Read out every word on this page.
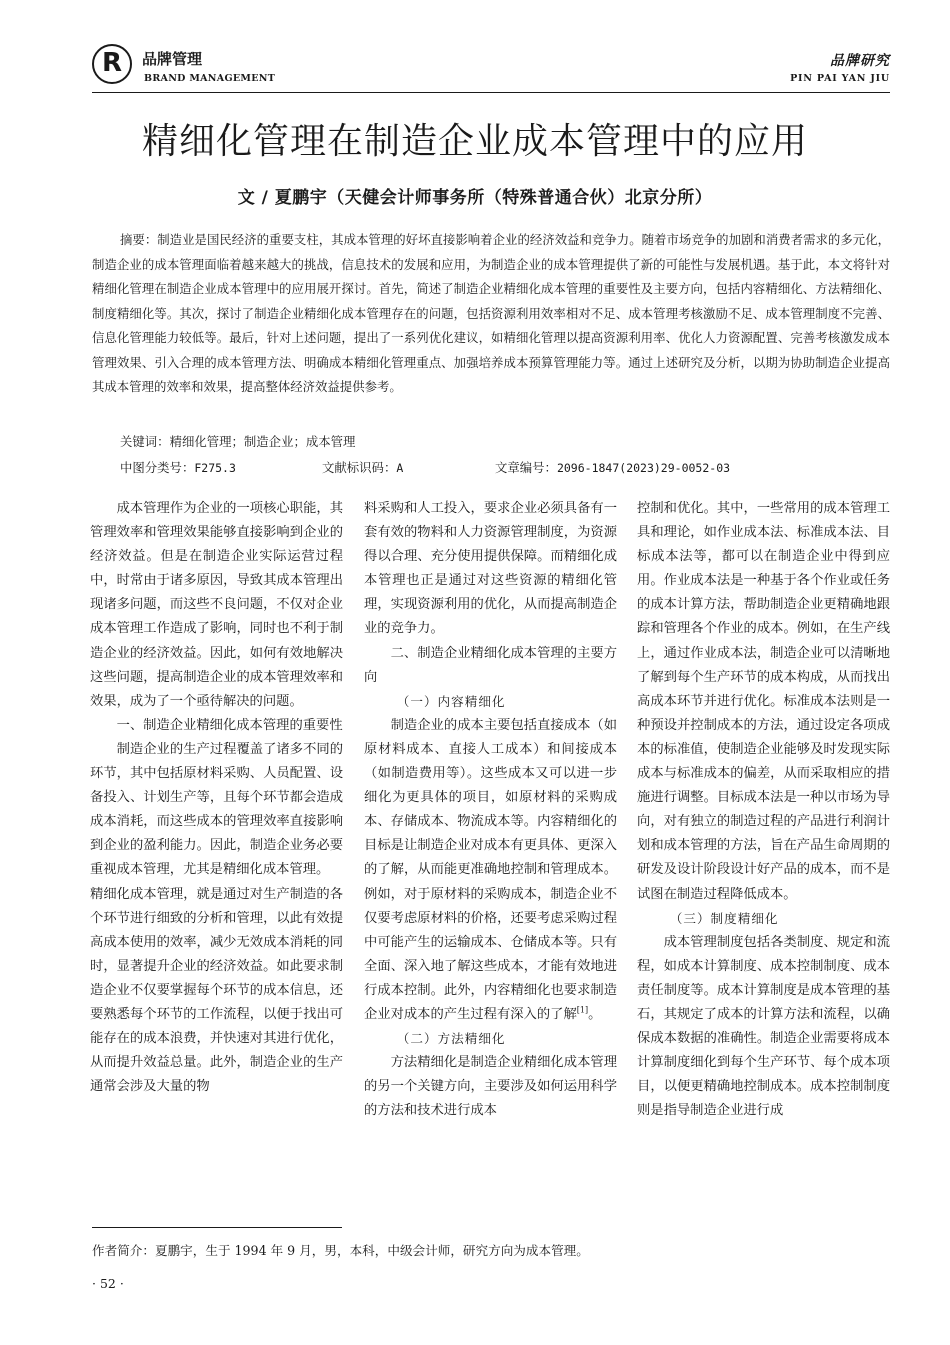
R	品牌管理
BRAND MANAGEMENT
品牌研究
PIN PAI YAN JIU
精细化管理在制造企业成本管理中的应用
文 / 夏鹏宇（天健会计师事务所（特殊普通合伙）北京分所）

摘要：制造业是国民经济的重要支柱，其成本管理的好坏直接影响着企业的经济效益和竞争力。随着市场竞争的加剧和消费者需求的多元化，制造企业的成本管理面临着越来越大的挑战，信息技术的发展和应用，为制造企业的成本管理提供了新的可能性与发展机遇。基于此，本文将针对精细化管理在制造企业成本管理中的应用展开探讨。首先，简述了制造企业精细化成本管理的重要性及主要方向，包括内容精细化、方法精细化、制度精细化等。其次，探讨了制造企业精细化成本管理存在的问题，包括资源利用效率相对不足、成本管理考核激励不足、成本管理制度不完善、信息化管理能力较低等。最后，针对上述问题，提出了一系列优化建议，如精细化管理以提高资源利用率、优化人力资源配置、完善考核激发成本管理效果、引入合理的成本管理方法、明确成本精细化管理重点、加强培养成本预算管理能力等。通过上述研究及分析，以期为协助制造企业提高其成本管理的效率和效果，提高整体经济效益提供参考。

关键词：精细化管理；制造企业；成本管理
中图分类号：F275.3	文献标识码：A	文章编号：2096-1847(2023)29-0052-03

成本管理作为企业的一项核心职能，其管理效率和管理效果能够直接影响到企业的经济效益。但是在制造企业实际运营过程中，时常由于诸多原因，导致其成本管理出现诸多问题，而这些不良问题，不仅对企业成本管理工作造成了影响，同时也不利于制造企业的经济效益。因此，如何有效地解决这些问题，提高制造企业的成本管理效率和效果，成为了一个亟待解决的问题。

一、制造企业精细化成本管理的重要性

制造企业的生产过程覆盖了诸多不同的环节，其中包括原材料采购、人员配置、设备投入、计划生产等，且每个环节都会造成成本消耗，而这些成本的管理效率直接影响到企业的盈利能力。因此，制造企业务必要重视成本管理，尤其是精细化成本管理。

精细化成本管理，就是通过对生产制造的各个环节进行细致的分析和管理，以此有效提高成本使用的效率，减少无效成本消耗的同时，显著提升企业的经济效益。如此要求制造企业不仅要掌握每个环节的成本信息，还要熟悉每个环节的工作流程，以便于找出可能存在的成本浪费，并快速对其进行优化，从而提升效益总量。此外，制造企业的生产通常会涉及大量的物

料采购和人工投入，要求企业必须具备有一套有效的物料和人力资源管理制度，为资源得以合理、充分使用提供保障。而精细化成本管理也正是通过对这些资源的精细化管理，实现资源利用的优化，从而提高制造企业的竞争力。

二、制造企业精细化成本管理的主要方向
（一）内容精细化

制造企业的成本主要包括直接成本（如原材料成本、直接人工成本）和间接成本（如制造费用等）。这些成本又可以进一步细化为更具体的项目，如原材料的采购成本、存储成本、物流成本等。内容精细化的目标是让制造企业对成本有更具体、更深入的了解，从而能更准确地控制和管理成本。例如，对于原材料的采购成本，制造企业不仅要考虑原材料的价格，还要考虑采购过程中可能产生的运输成本、仓储成本等。只有全面、深入地了解这些成本，才能有效地进行成本控制。此外，内容精细化也要求制造企业对成本的产生过程有深入的了解[1]。

（二）方法精细化

方法精细化是制造企业精细化成本管理的另一个关键方向，主要涉及如何运用科学的方法和技术进行成本

控制和优化。其中，一些常用的成本管理工具和理论，如作业成本法、标准成本法、目标成本法等，都可以在制造企业中得到应用。作业成本法是一种基于各个作业或任务的成本计算方法，帮助制造企业更精确地跟踪和管理各个作业的成本。例如，在生产线上，通过作业成本法，制造企业可以清晰地了解到每个生产环节的成本构成，从而找出高成本环节并进行优化。标准成本法则是一种预设并控制成本的方法，通过设定各项成本的标准值，使制造企业能够及时发现实际成本与标准成本的偏差，从而采取相应的措施进行调整。目标成本法是一种以市场为导向，对有独立的制造过程的产品进行利润计划和成本管理的方法，旨在产品生命周期的研发及设计阶段设计好产品的成本，而不是试图在制造过程降低成本。

（三）制度精细化

成本管理制度包括各类制度、规定和流程，如成本计算制度、成本控制制度、成本责任制度等。成本计算制度是成本管理的基石，其规定了成本的计算方法和流程，以确保成本数据的准确性。制造企业需要将成本计算制度细化到每个生产环节、每个成本项目，以便更精确地控制成本。成本控制制度则是指导制造企业进行成

作者简介：夏鹏宇，生于 1994 年 9 月，男，本科，中级会计师，研究方向为成本管理。
· 52 ·
